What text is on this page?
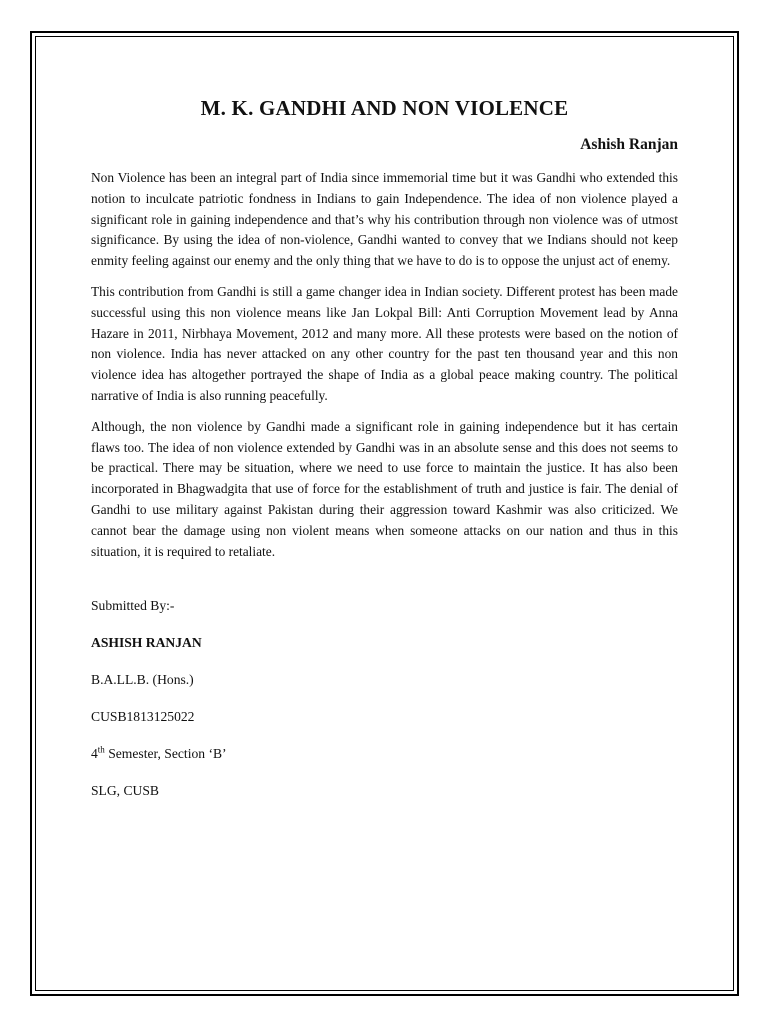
M. K. GANDHI AND NON VIOLENCE
Ashish Ranjan

Non Violence has been an integral part of India since immemorial time but it was Gandhi who extended this notion to inculcate patriotic fondness in Indians to gain Independence. The idea of non violence played a significant role in gaining independence and that’s why his contribution through non violence was of utmost significance. By using the idea of non-violence, Gandhi wanted to convey that we Indians should not keep enmity feeling against our enemy and the only thing that we have to do is to oppose the unjust act of enemy.

This contribution from Gandhi is still a game changer idea in Indian society. Different protest has been made successful using this non violence means like Jan Lokpal Bill: Anti Corruption Movement lead by Anna Hazare in 2011, Nirbhaya Movement, 2012 and many more. All these protests were based on the notion of non violence. India has never attacked on any other country for the past ten thousand year and this non violence idea has altogether portrayed the shape of India as a global peace making country. The political narrative of India is also running peacefully.

Although, the non violence by Gandhi made a significant role in gaining independence but it has certain flaws too. The idea of non violence extended by Gandhi was in an absolute sense and this does not seems to be practical. There may be situation, where we need to use force to maintain the justice. It has also been incorporated in Bhagwadgita that use of force for the establishment of truth and justice is fair. The denial of Gandhi to use military against Pakistan during their aggression toward Kashmir was also criticized. We cannot bear the damage using non violent means when someone attacks on our nation and thus in this situation, it is required to retaliate.

Submitted By:-

ASHISH RANJAN

B.A.LL.B. (Hons.)

CUSB1813125022

4th Semester, Section ‘B’

SLG, CUSB
